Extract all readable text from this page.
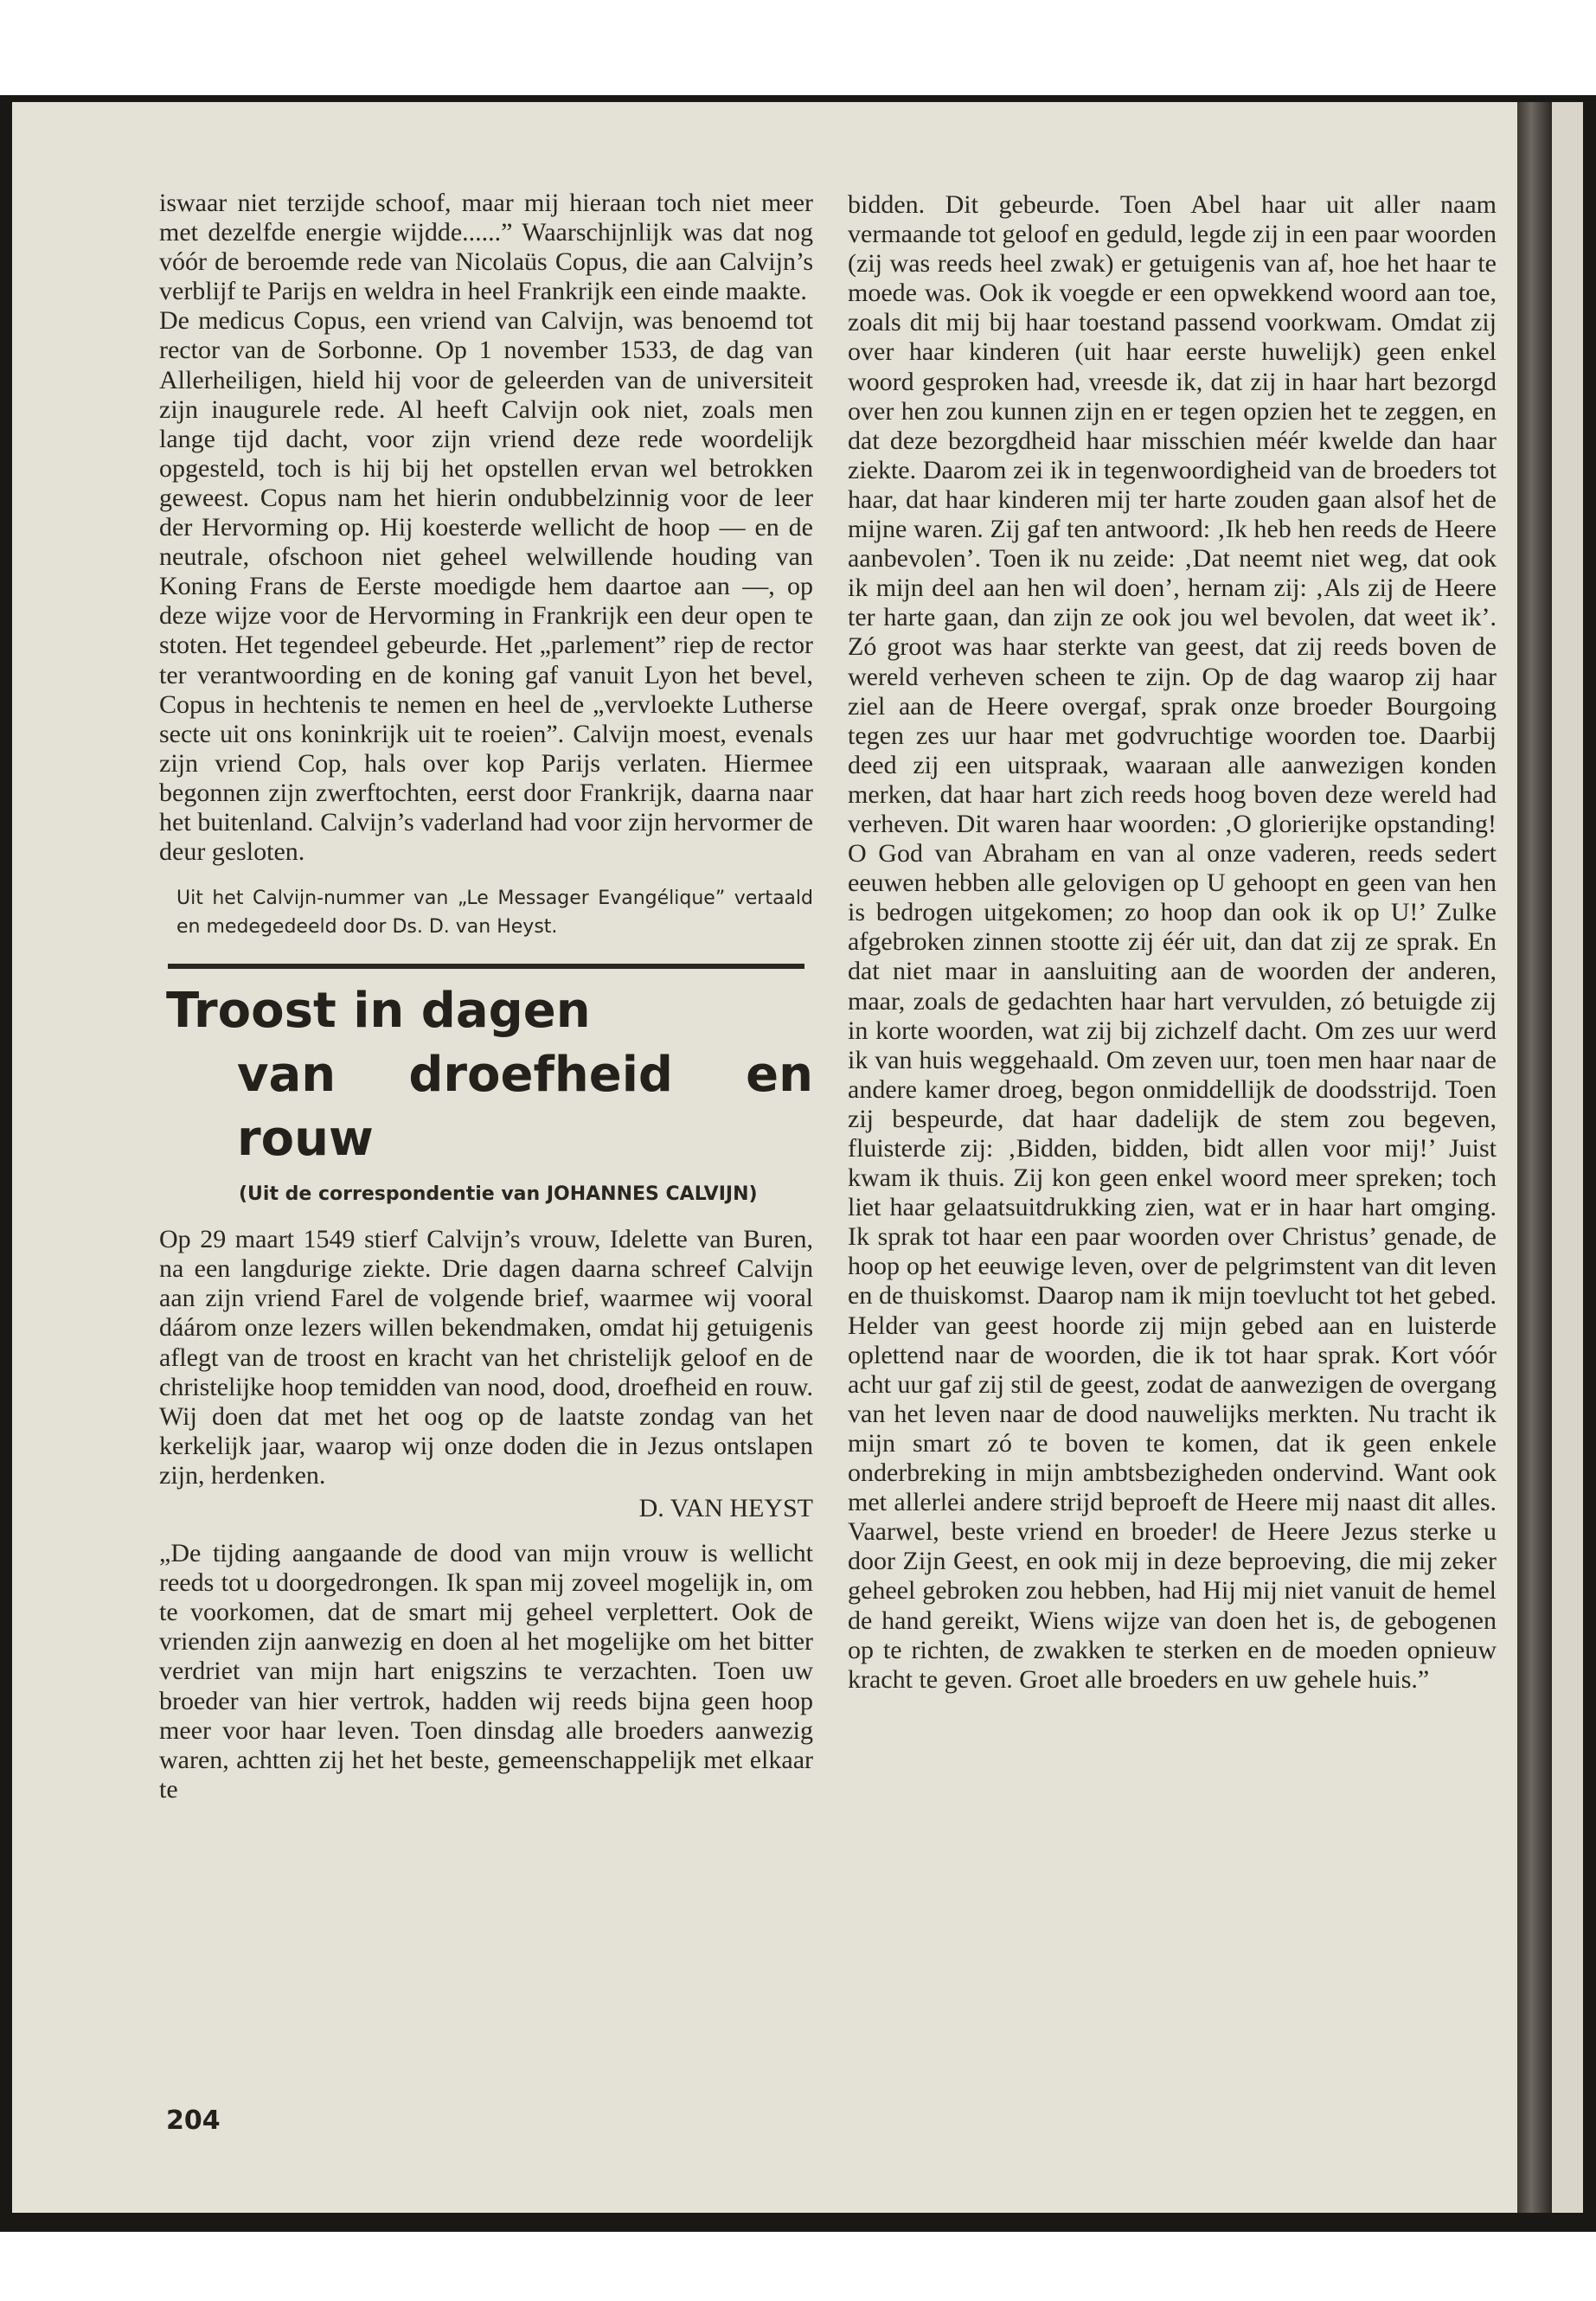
iswaar niet terzijde schoof, maar mij hieraan toch niet meer met dezelfde energie wijdde......” Waarschijnlijk was dat nog vóór de beroemde rede van Nicolaüs Copus, die aan Calvijn’s verblijf te Parijs en weldra in heel Frankrijk een einde maakte.

De medicus Copus, een vriend van Calvijn, was benoemd tot rector van de Sorbonne. Op 1 november 1533, de dag van Allerheiligen, hield hij voor de geleerden van de universiteit zijn inaugurele rede. Al heeft Calvijn ook niet, zoals men lange tijd dacht, voor zijn vriend deze rede woordelijk opgesteld, toch is hij bij het opstellen ervan wel betrokken geweest. Copus nam het hierin ondubbelzinnig voor de leer der Hervorming op. Hij koesterde wellicht de hoop — en de neutrale, ofschoon niet geheel welwillende houding van Koning Frans de Eerste moedigde hem daartoe aan —, op deze wijze voor de Hervorming in Frankrijk een deur open te stoten. Het tegendeel gebeurde. Het „parlement” riep de rector ter verantwoording en de koning gaf vanuit Lyon het bevel, Copus in hechtenis te nemen en heel de „vervloekte Lutherse secte uit ons koninkrijk uit te roeien”. Calvijn moest, evenals zijn vriend Cop, hals over kop Parijs verlaten. Hiermee begonnen zijn zwerftochten, eerst door Frankrijk, daarna naar het buitenland. Calvijn’s vaderland had voor zijn hervormer de deur gesloten.

Uit het Calvijn-nummer van „Le Messager Evangélique” vertaald en medegedeeld door Ds. D. van Heyst.

Troost in dagen
van droefheid en rouw
(Uit de correspondentie van JOHANNES CALVIJN)

Op 29 maart 1549 stierf Calvijn’s vrouw, Idelette van Buren, na een langdurige ziekte. Drie dagen daarna schreef Calvijn aan zijn vriend Farel de volgende brief, waarmee wij vooral dáárom onze lezers willen bekendmaken, omdat hij getuigenis aflegt van de troost en kracht van het christelijk geloof en de christelijke hoop temidden van nood, dood, droefheid en rouw. Wij doen dat met het oog op de laatste zondag van het kerkelijk jaar, waarop wij onze doden die in Jezus ontslapen zijn, herdenken.

D. VAN HEYST

„De tijding aangaande de dood van mijn vrouw is wellicht reeds tot u doorgedrongen. Ik span mij zoveel mogelijk in, om te voorkomen, dat de smart mij geheel verplettert. Ook de vrienden zijn aanwezig en doen al het mogelijke om het bitter verdriet van mijn hart enigszins te verzachten. Toen uw broeder van hier vertrok, hadden wij reeds bijna geen hoop meer voor haar leven. Toen dinsdag alle broeders aanwezig waren, achtten zij het het beste, gemeenschappelijk met elkaar te

bidden. Dit gebeurde. Toen Abel haar uit aller naam vermaande tot geloof en geduld, legde zij in een paar woorden (zij was reeds heel zwak) er getuigenis van af, hoe het haar te moede was. Ook ik voegde er een opwekkend woord aan toe, zoals dit mij bij haar toestand passend voorkwam. Omdat zij over haar kinderen (uit haar eerste huwelijk) geen enkel woord gesproken had, vreesde ik, dat zij in haar hart bezorgd over hen zou kunnen zijn en er tegen opzien het te zeggen, en dat deze bezorgdheid haar misschien méér kwelde dan haar ziekte. Daarom zei ik in tegenwoordigheid van de broeders tot haar, dat haar kinderen mij ter harte zouden gaan alsof het de mijne waren. Zij gaf ten antwoord: ‚Ik heb hen reeds de Heere aanbevolen’. Toen ik nu zeide: ‚Dat neemt niet weg, dat ook ik mijn deel aan hen wil doen’, hernam zij: ‚Als zij de Heere ter harte gaan, dan zijn ze ook jou wel bevolen, dat weet ik’. Zó groot was haar sterkte van geest, dat zij reeds boven de wereld verheven scheen te zijn. Op de dag waarop zij haar ziel aan de Heere overgaf, sprak onze broeder Bourgoing tegen zes uur haar met godvruchtige woorden toe. Daarbij deed zij een uitspraak, waaraan alle aanwezigen konden merken, dat haar hart zich reeds hoog boven deze wereld had verheven. Dit waren haar woorden: ‚O glorierijke opstanding! O God van Abraham en van al onze vaderen, reeds sedert eeuwen hebben alle gelovigen op U gehoopt en geen van hen is bedrogen uitgekomen; zo hoop dan ook ik op U!’ Zulke afgebroken zinnen stootte zij éér uit, dan dat zij ze sprak. En dat niet maar in aansluiting aan de woorden der anderen, maar, zoals de gedachten haar hart vervulden, zó betuigde zij in korte woorden, wat zij bij zichzelf dacht. Om zes uur werd ik van huis weggehaald. Om zeven uur, toen men haar naar de andere kamer droeg, begon onmiddellijk de doodsstrijd. Toen zij bespeurde, dat haar dadelijk de stem zou begeven, fluisterde zij: ‚Bidden, bidden, bidt allen voor mij!’ Juist kwam ik thuis. Zij kon geen enkel woord meer spreken; toch liet haar gelaatsuitdrukking zien, wat er in haar hart omging. Ik sprak tot haar een paar woorden over Christus’ genade, de hoop op het eeuwige leven, over de pelgrimstent van dit leven en de thuiskomst. Daarop nam ik mijn toevlucht tot het gebed. Helder van geest hoorde zij mijn gebed aan en luisterde oplettend naar de woorden, die ik tot haar sprak. Kort vóór acht uur gaf zij stil de geest, zodat de aanwezigen de overgang van het leven naar de dood nauwelijks merkten. Nu tracht ik mijn smart zó te boven te komen, dat ik geen enkele onderbreking in mijn ambtsbezigheden ondervind. Want ook met allerlei andere strijd beproeft de Heere mij naast dit alles. Vaarwel, beste vriend en broeder! de Heere Jezus sterke u door Zijn Geest, en ook mij in deze beproeving, die mij zeker geheel gebroken zou hebben, had Hij mij niet vanuit de hemel de hand gereikt, Wiens wijze van doen het is, de gebogenen op te richten, de zwakken te sterken en de moeden opnieuw kracht te geven. Groet alle broeders en uw gehele huis.”

204
